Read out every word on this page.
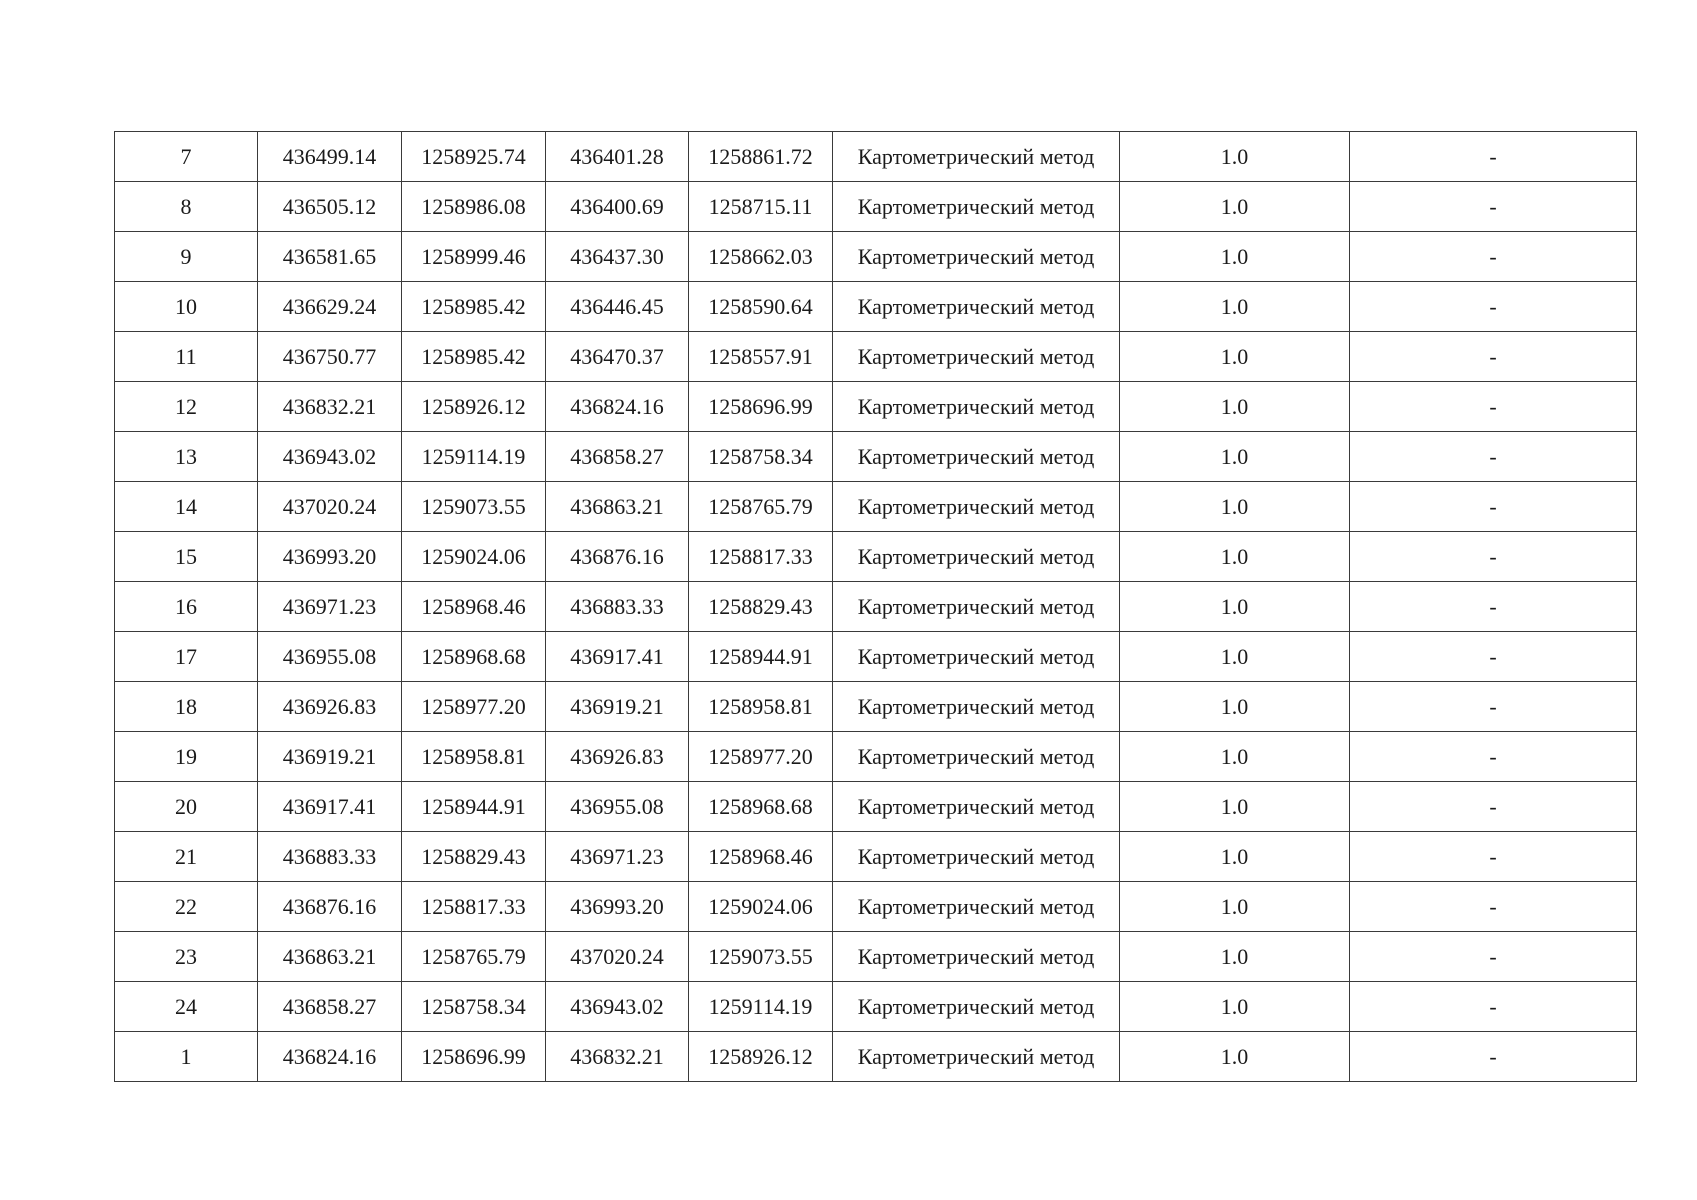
7	436499.14	1258925.74	436401.28	1258861.72	Картометрический метод	1.0	-
8	436505.12	1258986.08	436400.69	1258715.11	Картометрический метод	1.0	-
9	436581.65	1258999.46	436437.30	1258662.03	Картометрический метод	1.0	-
10	436629.24	1258985.42	436446.45	1258590.64	Картометрический метод	1.0	-
11	436750.77	1258985.42	436470.37	1258557.91	Картометрический метод	1.0	-
12	436832.21	1258926.12	436824.16	1258696.99	Картометрический метод	1.0	-
13	436943.02	1259114.19	436858.27	1258758.34	Картометрический метод	1.0	-
14	437020.24	1259073.55	436863.21	1258765.79	Картометрический метод	1.0	-
15	436993.20	1259024.06	436876.16	1258817.33	Картометрический метод	1.0	-
16	436971.23	1258968.46	436883.33	1258829.43	Картометрический метод	1.0	-
17	436955.08	1258968.68	436917.41	1258944.91	Картометрический метод	1.0	-
18	436926.83	1258977.20	436919.21	1258958.81	Картометрический метод	1.0	-
19	436919.21	1258958.81	436926.83	1258977.20	Картометрический метод	1.0	-
20	436917.41	1258944.91	436955.08	1258968.68	Картометрический метод	1.0	-
21	436883.33	1258829.43	436971.23	1258968.46	Картометрический метод	1.0	-
22	436876.16	1258817.33	436993.20	1259024.06	Картометрический метод	1.0	-
23	436863.21	1258765.79	437020.24	1259073.55	Картометрический метод	1.0	-
24	436858.27	1258758.34	436943.02	1259114.19	Картометрический метод	1.0	-
1	436824.16	1258696.99	436832.21	1258926.12	Картометрический метод	1.0	-
